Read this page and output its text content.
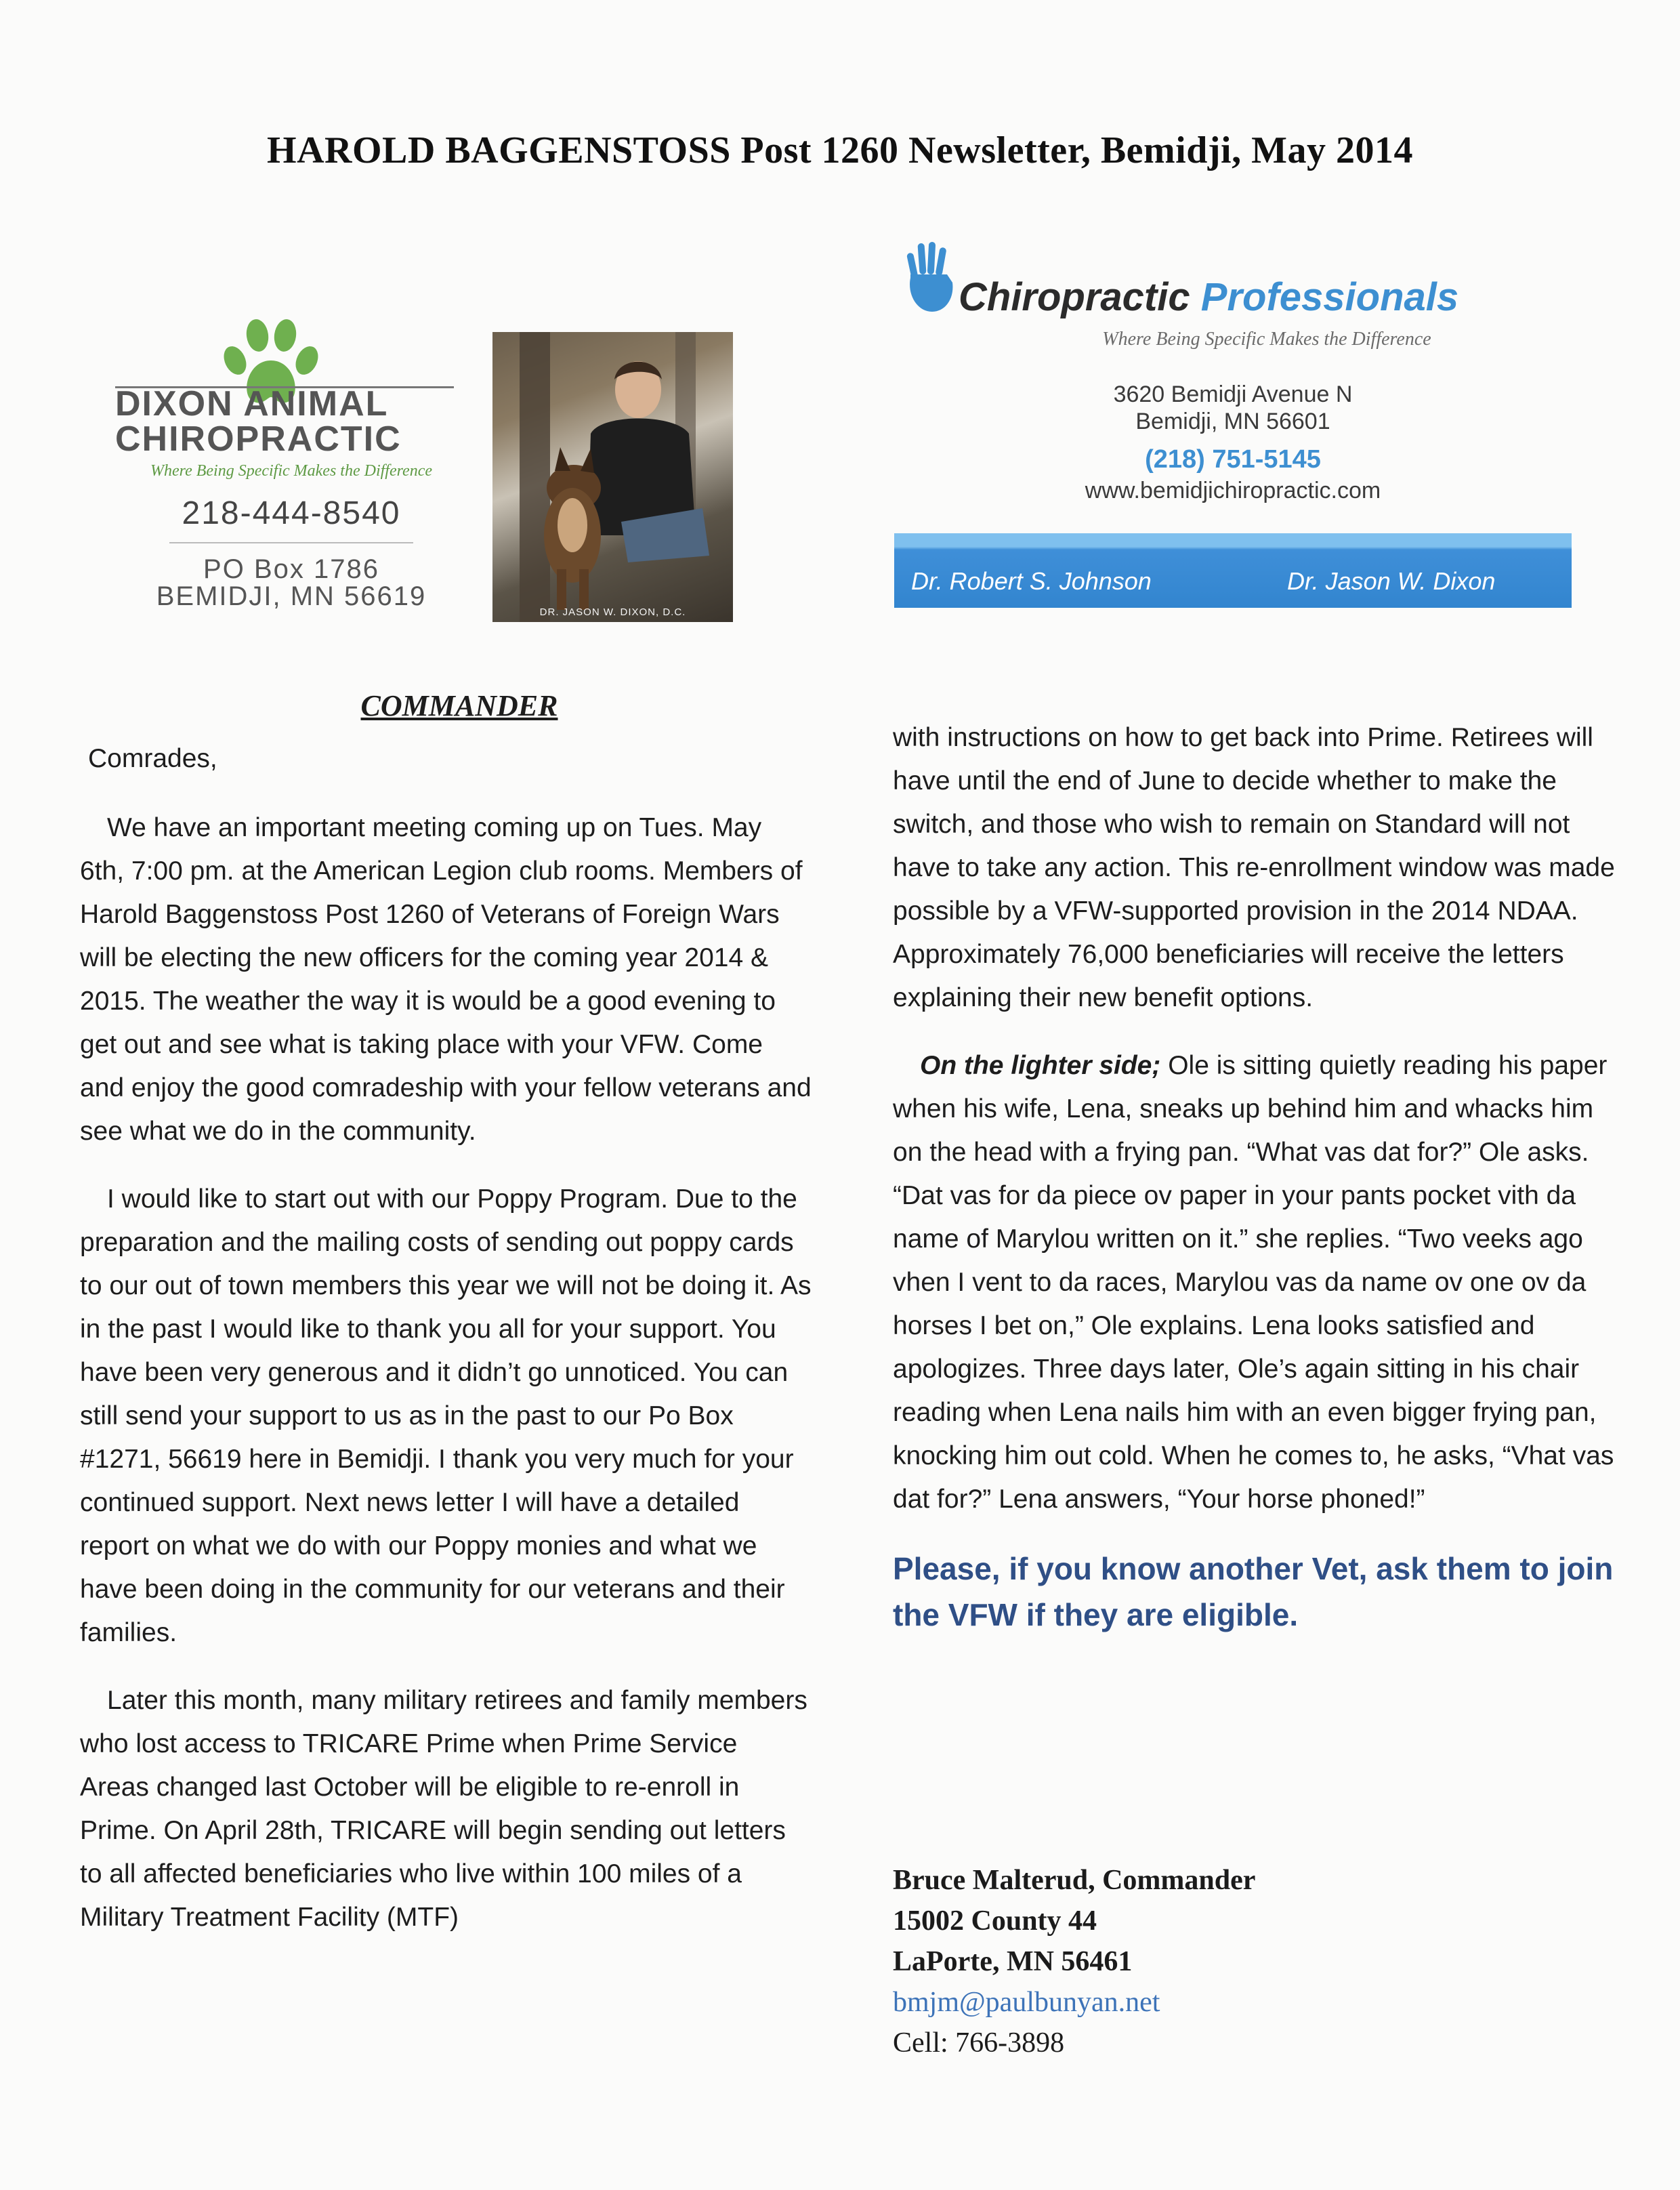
HAROLD BAGGENSTOSS Post 1260 Newsletter, Bemidji, May 2014
DIXON ANIMAL
CHIROPRACTIC
Where Being Specific Makes the Difference
218-444-8540
PO Box 1786
BEMIDJI, MN 56619
DR. JASON W. DIXON, D.C.
Chiropractic Professionals
Where Being Specific Makes the Difference
3620 Bemidji Avenue N
Bemidji, MN 56601
(218) 751-5145
www.bemidjichiropractic.com
Dr. Robert S. Johnson	Dr. Jason W. Dixon
COMMANDER

Comrades,

We have an important meeting coming up on Tues. May 6th, 7:00 pm. at the American Legion club rooms. Members of Harold Baggenstoss Post 1260 of Veterans of Foreign Wars will be electing the new officers for the coming year 2014 & 2015. The weather the way it is would be a good evening to get out and see what is taking place with your VFW. Come and enjoy the good comradeship with your fellow veterans and see what we do in the community.

I would like to start out with our Poppy Program. Due to the preparation and the mailing costs of sending out poppy cards to our out of town members this year we will not be doing it. As in the past I would like to thank you all for your support. You have been very generous and it didn’t go unnoticed. You can still send your support to us as in the past to our Po Box #1271, 56619 here in Bemidji. I thank you very much for your continued support. Next news letter I will have a detailed report on what we do with our Poppy monies and what we have been doing in the community for our veterans and their families.

Later this month, many military retirees and family members who lost access to TRICARE Prime when Prime Service Areas changed last October will be eligible to re-enroll in Prime. On April 28th, TRICARE will begin sending out letters to all affected beneficiaries who live within 100 miles of a Military Treatment Facility (MTF)

with instructions on how to get back into Prime. Retirees will have until the end of June to decide whether to make the switch, and those who wish to remain on Standard will not have to take any action. This re-enrollment window was made possible by a VFW-supported provision in the 2014 NDAA. Approximately 76,000 beneficiaries will receive the letters explaining their new benefit options.

On the lighter side; Ole is sitting quietly reading his paper when his wife, Lena, sneaks up behind him and whacks him on the head with a frying pan. “What vas dat for?” Ole asks. “Dat vas for da piece ov paper in your pants pocket vith da name of Marylou written on it.” she replies. “Two veeks ago vhen I vent to da races, Marylou vas da name ov one ov da horses I bet on,” Ole explains. Lena looks satisfied and apologizes. Three days later, Ole’s again sitting in his chair reading when Lena nails him with an even bigger frying pan, knocking him out cold. When he comes to, he asks, “Vhat vas dat for?” Lena answers, “Your horse phoned!”

Please, if you know another Vet, ask them to join the VFW if they are eligible.

Bruce Malterud, Commander
15002 County 44
LaPorte, MN 56461
bmjm@paulbunyan.net
Cell: 766-3898
